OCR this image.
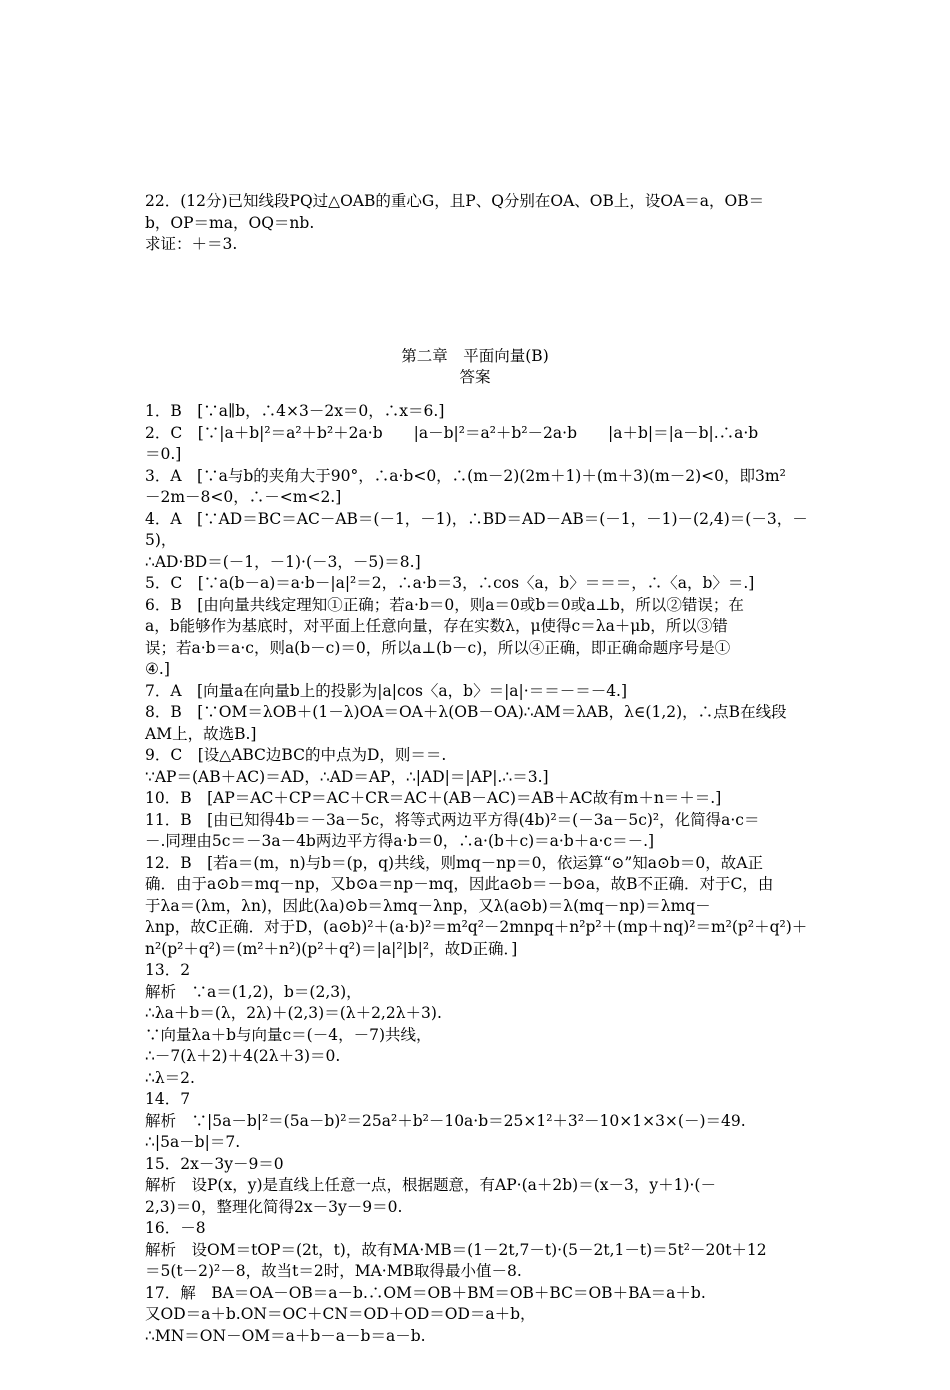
22．(12分)已知线段PQ过△OAB的重心G，且P、Q分别在OA、OB上，设OA＝a，OB＝
b，OP＝ma，OQ＝nb.
求证：＋＝3.
第二章　平面向量(B)
答案
1．B　[∵a∥b，∴4×3－2x＝0，∴x＝6.]
2．C　[∵|a＋b|²＝a²＋b²＋2a·b　　|a－b|²＝a²＋b²－2a·b　　|a＋b|＝|a－b|.∴a·b
＝0.]
3．A　[∵a与b的夹角大于90°，∴a·b<0，∴(m－2)(2m＋1)＋(m＋3)(m－2)<0，即3m²
－2m－8<0，∴－<m<2.]
4．A　[∵AD＝BC＝AC－AB＝(－1，－1)，∴BD＝AD－AB＝(－1，－1)－(2,4)＝(－3，－
5)，
∴AD·BD＝(－1，－1)·(－3，－5)＝8.]
5．C　[∵a(b－a)＝a·b－|a|²＝2，∴a·b＝3，∴cos〈a，b〉＝＝＝，∴〈a，b〉＝.]
6．B　[由向量共线定理知①正确；若a·b＝0，则a＝0或b＝0或a⊥b，所以②错误；在
a，b能够作为基底时，对平面上任意向量，存在实数λ，μ使得c＝λa＋μb，所以③错
误；若a·b＝a·c，则a(b－c)＝0，所以a⊥(b－c)，所以④正确，即正确命题序号是①
④.]
7．A　[向量a在向量b上的投影为|a|cos〈a，b〉＝|a|·＝＝－＝－4.]
8．B　[∵OM＝λOB＋(1－λ)OA＝OA＋λ(OB－OA)∴AM＝λAB，λ∈(1,2)，∴点B在线段
AM上，故选B.]
9．C　[设△ABC边BC的中点为D，则＝＝.
∵AP＝(AB＋AC)＝AD，∴AD＝AP，∴|AD|＝|AP|.∴＝3.]
10．B　[AP＝AC＋CP＝AC＋CR＝AC＋(AB－AC)＝AB＋AC故有m＋n＝＋＝.]
11．B　[由已知得4b＝－3a－5c，将等式两边平方得(4b)²＝(－3a－5c)²，化简得a·c＝
－.同理由5c＝－3a－4b两边平方得a·b＝0，∴a·(b＋c)＝a·b＋a·c＝－.]
12．B　[若a＝(m，n)与b＝(p，q)共线，则mq－np＝0，依运算“⊙”知a⊙b＝0，故A正
确．由于a⊙b＝mq－np，又b⊙a＝np－mq，因此a⊙b＝－b⊙a，故B不正确．对于C，由
于λa＝(λm，λn)，因此(λa)⊙b＝λmq－λnp，又λ(a⊙b)＝λ(mq－np)＝λmq－
λnp，故C正确．对于D，(a⊙b)²＋(a·b)²＝m²q²－2mnpq＋n²p²＋(mp＋nq)²＝m²(p²＋q²)＋
n²(p²＋q²)＝(m²＋n²)(p²＋q²)＝|a|²|b|²，故D正确．]
13．2
解析　∵a＝(1,2)，b＝(2,3)，
∴λa＋b＝(λ，2λ)＋(2,3)＝(λ＋2,2λ＋3).
∵向量λa＋b与向量c＝(－4，－7)共线，
∴－7(λ＋2)＋4(2λ＋3)＝0.
∴λ＝2.
14．7
解析　∵|5a－b|²＝(5a－b)²＝25a²＋b²－10a·b＝25×1²＋3²－10×1×3×(－)＝49.
∴|5a－b|＝7.
15．2x－3y－9＝0
解析　设P(x，y)是直线上任意一点，根据题意，有AP·(a＋2b)＝(x－3，y＋1)·(－
2,3)＝0，整理化简得2x－3y－9＝0.
16．－8
解析　设OM＝tOP＝(2t，t)，故有MA·MB＝(1－2t,7－t)·(5－2t,1－t)＝5t²－20t＋12
＝5(t－2)²－8，故当t＝2时，MA·MB取得最小值－8.
17．解　BA＝OA－OB＝a－b.∴OM＝OB＋BM＝OB＋BC＝OB＋BA＝a＋b.
又OD＝a＋b.ON＝OC＋CN＝OD＋OD＝OD＝a＋b，
∴MN＝ON－OM＝a＋b－a－b＝a－b.
